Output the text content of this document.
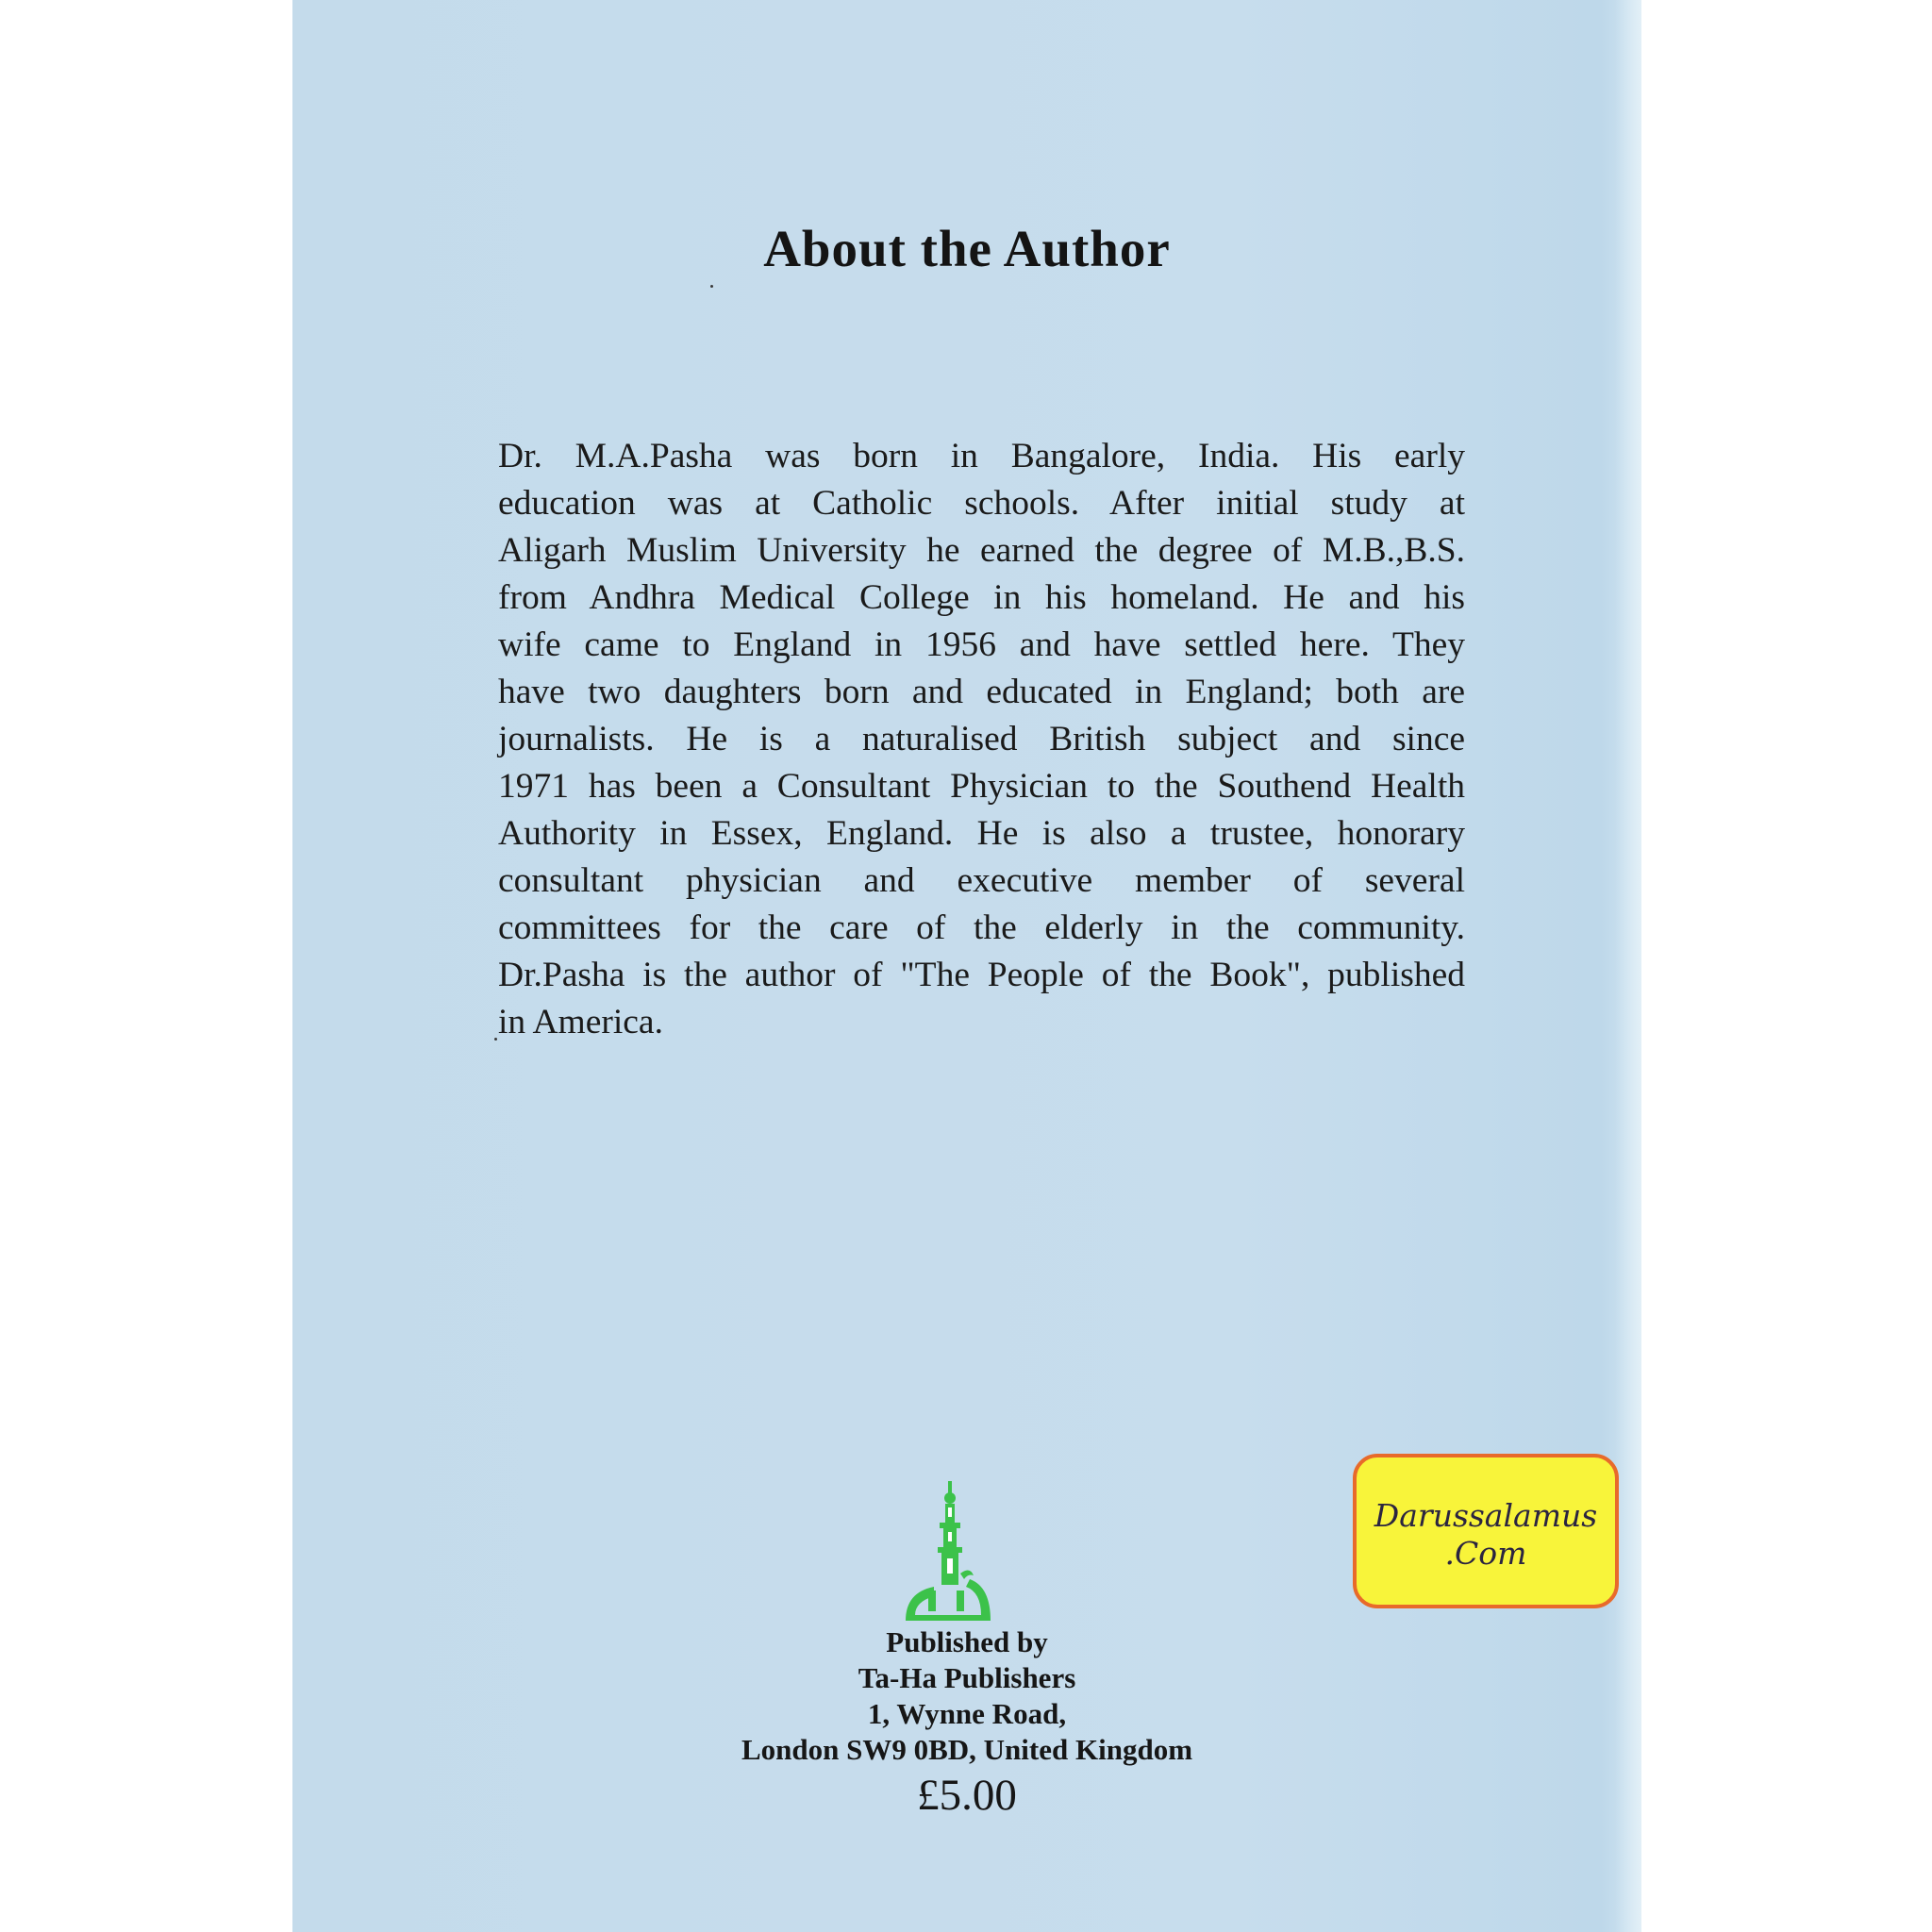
About the Author
Dr. M.A.Pasha was born in Bangalore, India. His early
education was at Catholic schools. After initial study at
Aligarh Muslim University he earned the degree of M.B.,B.S.
from Andhra Medical College in his homeland. He and his
wife came to England in 1956 and have settled here. They
have two daughters born and educated in England; both are
journalists. He is a naturalised British subject and since
1971 has been a Consultant Physician to the Southend Health
Authority in Essex, England. He is also a trustee, honorary
consultant physician and executive member of several
committees for the care of the elderly in the community.
Dr.Pasha is the author of "The People of the Book", published
in America.
Published by
Ta-Ha Publishers
1, Wynne Road,
London SW9 0BD, United Kingdom
£5.00
Darussalamus
.Com
